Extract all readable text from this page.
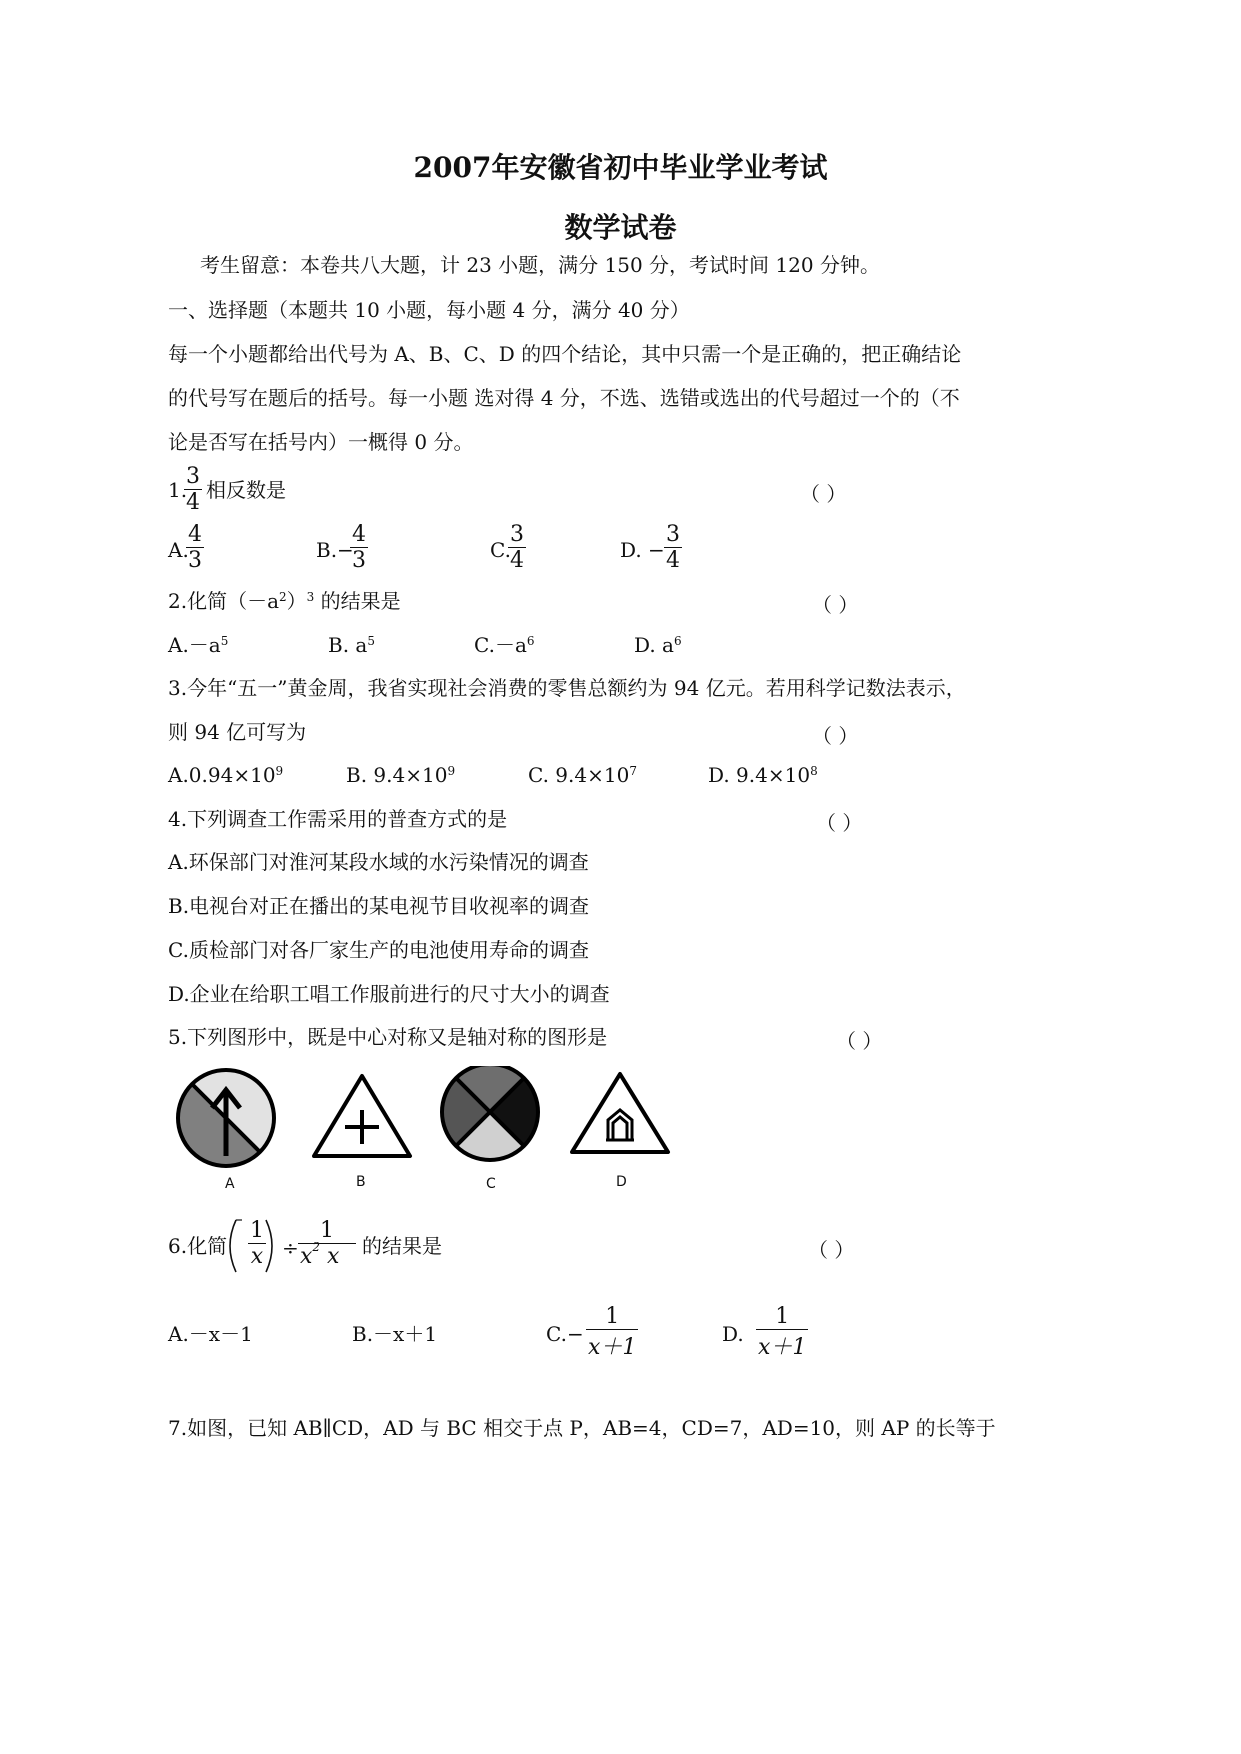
2007年安徽省初中毕业学业考试
数学试卷
考生留意：本卷共八大题，计 23 小题，满分 150 分，考试时间 120 分钟。
一、选择题（本题共 10 小题，每小题 4 分，满分 40 分）
每一个小题都给出代号为 A、B、C、D 的四个结论，其中只需一个是正确的，把正确结论
的代号写在题后的括号。每一小题 选对得 4 分，不选、选错或选出的代号超过一个的（不
论是否写在括号内）一概得 0 分。
1.
3
4 相反数是	（ ）
A.
4
3	B.−
4
3	C.
3
4	D. −
3
4
2.化简$(-a^2)^3$ 的结果是	（ ）
$A.-a^5$	B. $a^5$	$C.-a^6$	D. $a^6$
3.今年“五一”黄金周，我省实现社会消费的零售总额约为 94 亿元。若用科学记数法表示，
则 94 亿可写为	（ ）
$A.0.94\times 10^9$	B. $9.4\times 10^9$	C. $9.4\times 10^7$	D. $9.4\times 10^8$
4.下列调查工作需采用的普查方式的是	（ ）
A.环保部门对淮河某段水域的水污染情况的调查
B.电视台对正在播出的某电视节目收视率的调查
C.质检部门对各厂家生产的电池使用寿命的调查
D.企业在给职工唱工作服前进行的尺寸大小的调查
5.下列图形中，既是中心对称又是轴对称的图形是	（ ）
A	B	C	D
6.化简
1
x ÷
1
$x^2$ x	的结果是	（ ）
A.－x－1	B.－x＋1	C.−
1
x＋1
D.
1
x＋1
7.如图，已知 AB∥CD，AD 与 BC 相交于点 P，AB=4，CD=7，AD=10，则 AP 的长等于
